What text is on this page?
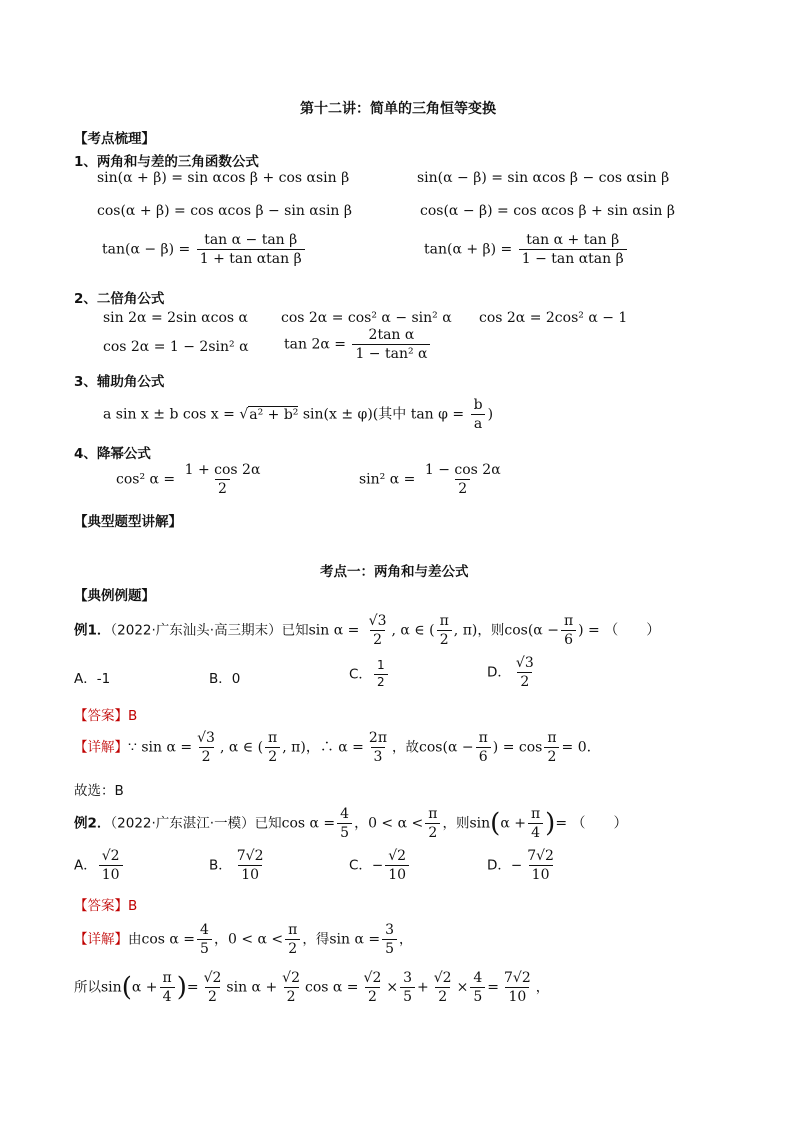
第十二讲：简单的三角恒等变换
【考点梳理】
1、两角和与差的三角函数公式
sin(α + β) = sin αcos β + cos αsin β	sin(α − β) = sin αcos β − cos αsin β
cos(α + β) = cos αcos β − sin αsin β	cos(α − β) = cos αcos β + sin αsin β
$\tan(\alpha - \beta) = \frac{\text{tan α − tan β}}{\text{1 + tan αtan β}}$	$\tan(\alpha + \beta) = \frac{\text{tan α + tan β}}{\text{1 − tan αtan β}}$
2、二倍角公式
sin 2α = 2sin αcos α cos 2α = cos² α − sin² α cos 2α = 2cos² α − 1
cos 2α = 1 − 2sin² α	$\tan 2\alpha = \frac{\text{2tan α}}{\text{1 − tan² α}}$
3、辅助角公式
a sin x ± b cos x = √a² + b² sin(x ± φ)(其中 $\tan \varphi = \frac{b}{a}$ )
4、降幂公式
cos² $\alpha = \frac{1 + \cos 2\alpha}{2}$	sin² $\alpha = \frac{1 - \cos 2\alpha}{2}$
【典型题型讲解】
考点一：两角和与差公式
【典例例题】
例1．（2022·广东汕头·高三期末）已知$\sin \alpha = \frac{√3}{2}$ , α ∈ ( $\frac{\pi}{2}$ , π)，则$\cos(\alpha - \frac{\pi}{6}$ ) = （　　）
A．-1	B．0	C． $\frac{1}{2}$	D． $\frac{√3}{2}$
【答案】B
【详解】∵ $\sin \alpha = \frac{√3}{2}$ , α ∈ ( $\frac{\pi}{2}$ , π)，∴ $\alpha = \frac{2\pi}{3}$ ，故$\cos(\alpha - \frac{\pi}{6}$ ) = $\cos \frac{\pi}{2} = 0$.
故选：B
例2．（2022·广东湛江·一模）已知$\cos \alpha = \frac{4}{5}$ ，$0 < \alpha < \frac{\pi}{2}$ ，则$\sin(\alpha + \frac{\pi}{4}$ )= （　　）
A． $\frac{√2}{10}$	B． $\frac{7√2}{10}$	C．− $\frac{√2}{10}$	D．− $\frac{7√2}{10}$
【答案】B
【详解】由$\cos \alpha = \frac{4}{5}$ ，$0 < \alpha < \frac{\pi}{2}$ ，得$\sin \alpha = \frac{3}{5}$ ，
所以$\sin(\alpha + \frac{\pi}{4}$ )= $\frac{√2}{2}$ $\sin \alpha + \frac{√2}{2}$ $\cos \alpha = \frac{√2}{2} \times \frac{3}{5} + \frac{√2}{2} \times \frac{4}{5} = \frac{7√2}{10}$ ，
